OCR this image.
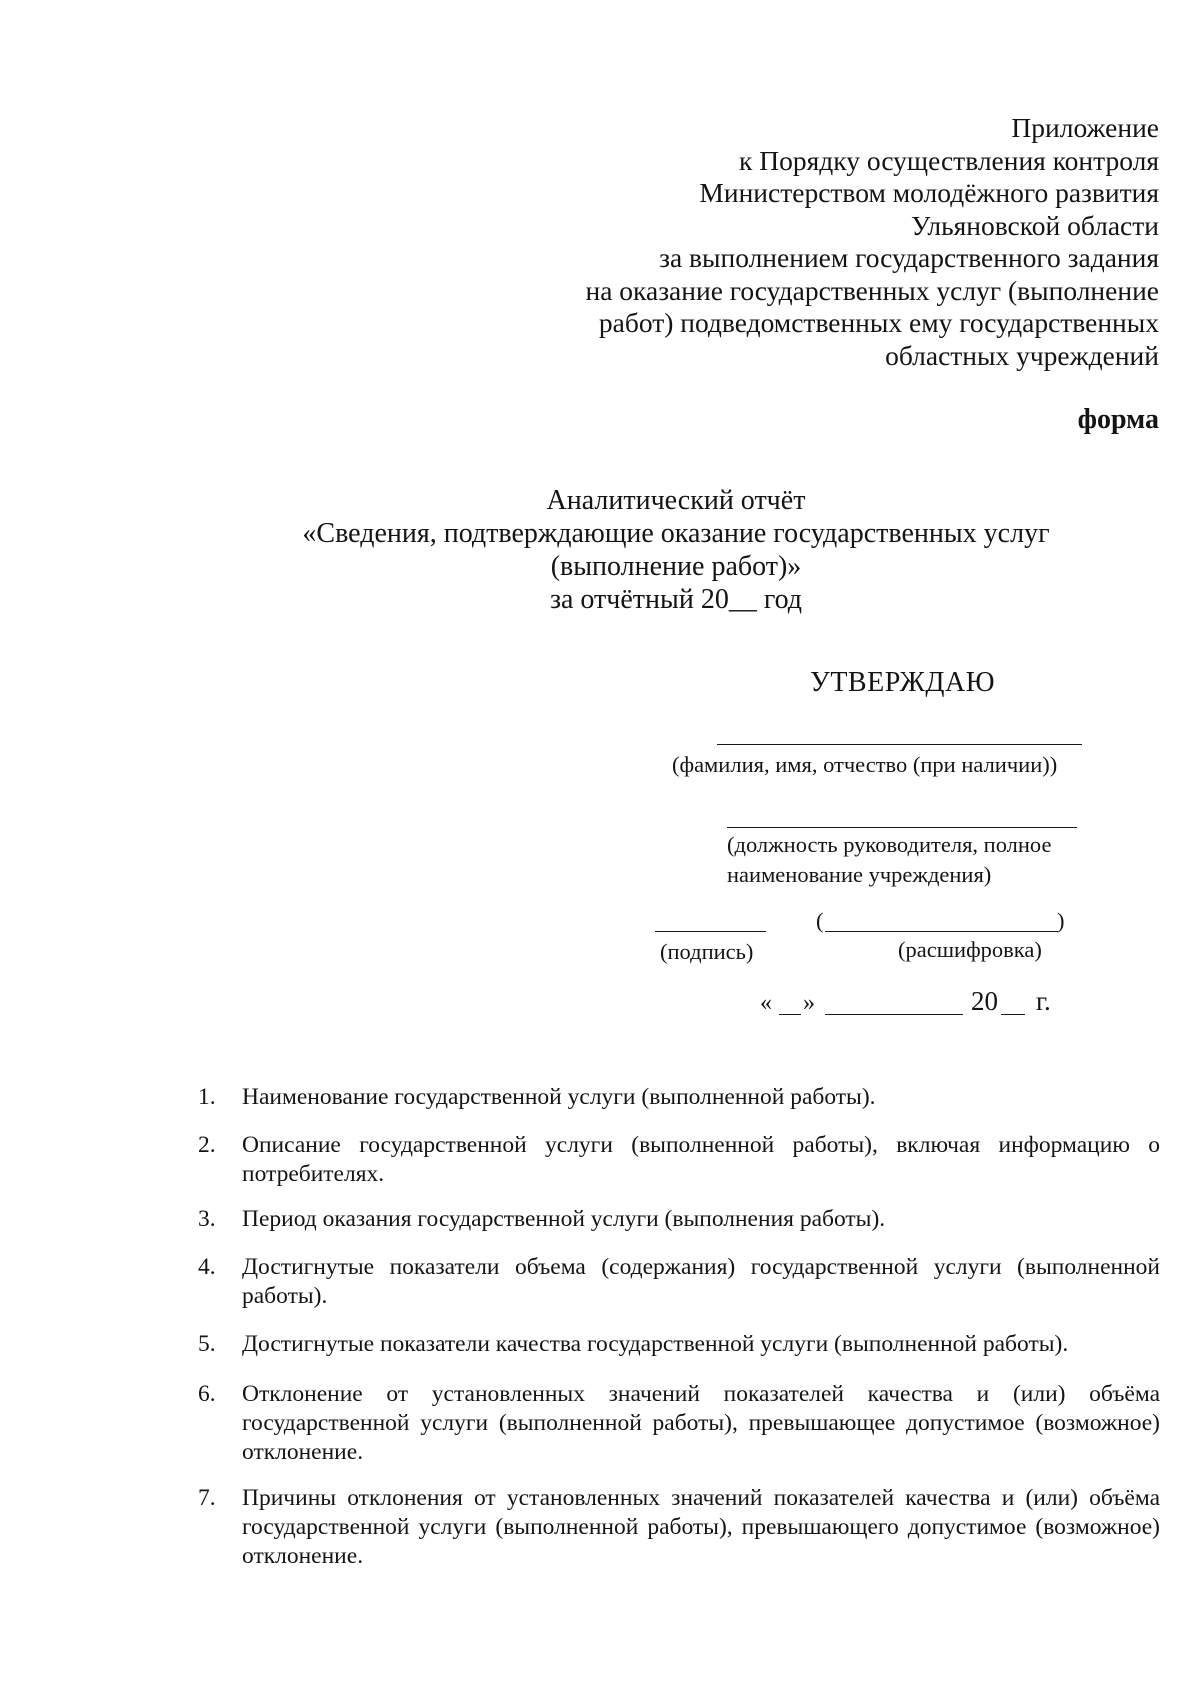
Приложение
к Порядку осуществления контроля
Министерством молодёжного развития
Ульяновской области
за выполнением государственного задания
на оказание государственных услуг (выполнение
работ) подведомственных ему государственных
областных учреждений
форма
Аналитический отчёт
«Сведения, подтверждающие оказание государственных услуг
(выполнение работ)»
за отчётный 20__ год
УТВЕРЖДАЮ
(фамилия, имя, отчество (при наличии))
(должность руководителя, полное
наименование учреждения)
(	)
(подпись)	(расшифровка)
« »	20 г.
1. Наименование государственной услуги (выполненной работы).
2. Описание государственной услуги (выполненной работы), включая информацию о потребителях.
3. Период оказания государственной услуги (выполнения работы).
4. Достигнутые показатели объема (содержания) государственной услуги (выполненной работы).
5. Достигнутые показатели качества государственной услуги (выполненной работы).
6. Отклонение от установленных значений показателей качества и (или) объёма государственной услуги (выполненной работы), превышающее допустимое (возможное) отклонение.
7. Причины отклонения от установленных значений показателей качества и (или) объёма государственной услуги (выполненной работы), превышающего допустимое (возможное) отклонение.
